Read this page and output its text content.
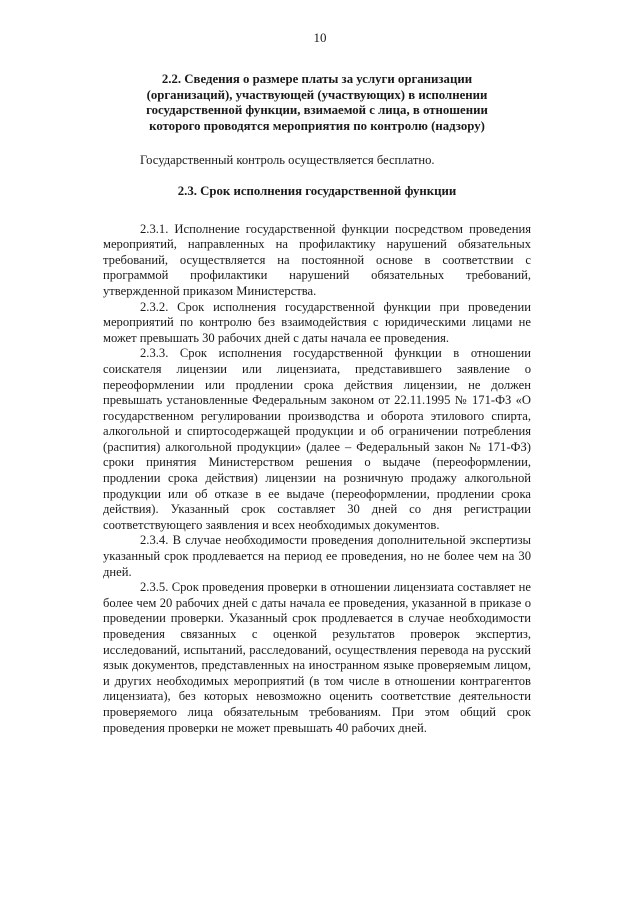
10

2.2. Сведения о размере платы за услуги организации (организаций), участвующей (участвующих) в исполнении государственной функции, взимаемой с лица, в отношении которого проводятся мероприятия по контролю (надзору)

Государственный контроль осуществляется бесплатно.

2.3. Срок исполнения государственной функции

2.3.1. Исполнение государственной функции посредством проведения мероприятий, направленных на профилактику нарушений обязательных требований, осуществляется на постоянной основе в соответствии с программой профилактики нарушений обязательных требований, утвержденной приказом Министерства.

2.3.2. Срок исполнения государственной функции при проведении мероприятий по контролю без взаимодействия с юридическими лицами не может превышать 30 рабочих дней с даты начала ее проведения.

2.3.3. Срок исполнения государственной функции в отношении соискателя лицензии или лицензиата, представившего заявление о переоформлении или продлении срока действия лицензии, не должен превышать установленные Федеральным законом от 22.11.1995 № 171-ФЗ «О государственном регулировании производства и оборота этилового спирта, алкогольной и спиртосодержащей продукции и об ограничении потребления (распития) алкогольной продукции» (далее – Федеральный закон № 171-ФЗ) сроки принятия Министерством решения о выдаче (переоформлении, продлении срока действия) лицензии на розничную продажу алкогольной продукции или об отказе в ее выдаче (переоформлении, продлении срока действия). Указанный срок составляет 30 дней со дня регистрации соответствующего заявления и всех необходимых документов.

2.3.4. В случае необходимости проведения дополнительной экспертизы указанный срок продлевается на период ее проведения, но не более чем на 30 дней.

2.3.5. Срок проведения проверки в отношении лицензиата составляет не более чем 20 рабочих дней с даты начала ее проведения, указанной в приказе о проведении проверки. Указанный срок продлевается в случае необходимости проведения связанных с оценкой результатов проверок экспертиз, исследований, испытаний, расследований, осуществления перевода на русский язык документов, представленных на иностранном языке проверяемым лицом, и других необходимых мероприятий (в том числе в отношении контрагентов лицензиата), без которых невозможно оценить соответствие деятельности проверяемого лица обязательным требованиям. При этом общий срок проведения проверки не может превышать 40 рабочих дней.
